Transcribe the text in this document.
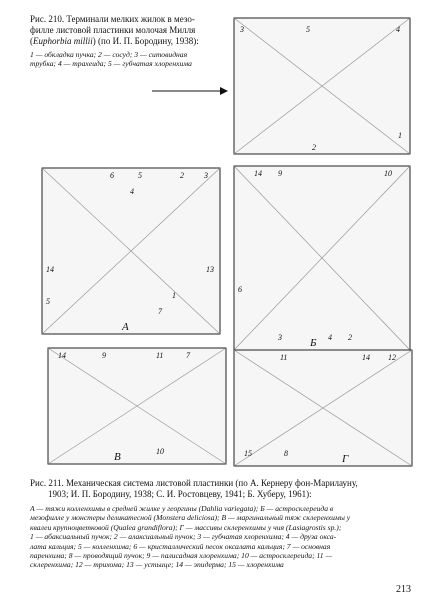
Рис. 210. Терминали мелких жилок в мезо-
филле листовой пластинки молочая Милля
(Euphorbia millii) (по И. П. Бородину, 1938):
1 — обкладка пучка; 2 — сосуд; 3 — ситовидная
трубка; 4 — трахеида; 5 — губчатая хлоренхима
3	5	4
2
1
6	5	2	3
4
14	13
5
1
7
А
14 9	10
6
3	4 2
Б
14	9	11	7
10
В
11	14 12
15	8	Г
Рис. 211. Механическая система листовой пластинки (по А. Кернеру фон-Марилауну,
1903; И. П. Бородину, 1938; С. И. Ростовцеву, 1941; Б. Хуберу, 1961):
А — тяжи колленхимы в средней жилке у георгины (Dahlia variegata); Б — астросклереида в
мезофилле у монстеры деликатесной (Monstera deliciosa); В — маргинальный тяж склеренхимы у
квалеи крупноцветковой (Qualea grandiflora); Г — массивы склеренхимы у чия (Lasiagrostis sp.);
1 — абаксиальный пучок; 2 — алаксиальный пучок; 3 — губчатая хлоренхима; 4 — друза окса-
лата кальция; 5 — колленхима; 6 — кристаллический песок оксалата кальция; 7 — основная
паренхима; 8 — проводящий пучок; 9 — палисадная хлоренхима; 10 — астросклереида; 11 —
склеренхима; 12 — трихома; 13 — устьице; 14 — эпидерма; 15 — хлоренхима
213
